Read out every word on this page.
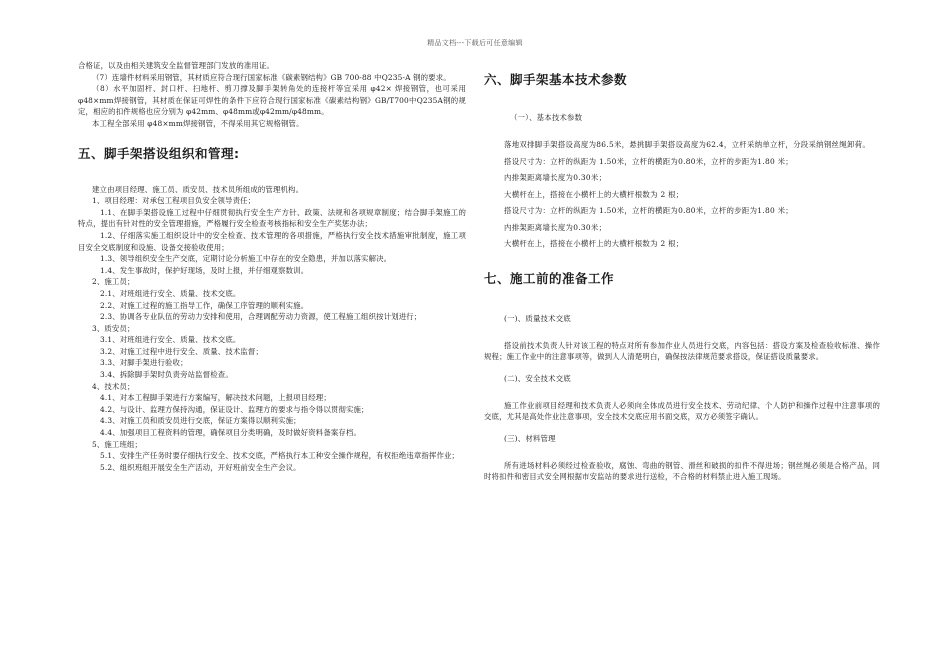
精品文档---下载后可任意编辑

合格证，以及由相关建筑安全监督管理部门发放的准用证。

（7）连墙件材料采用钢管，其材质应符合现行国家标准《碳素钢结构》GB 700-88 中Q235-A 钢的要求。

（8）水平加固杆、封口杆、扫地杆、剪刀撑及脚手架转角处的连接杆等宜采用 φ42× 焊接钢管，也可采用 φ48×mm焊接钢管，其材质在保证可焊性的条件下应符合现行国家标准《碳素结构钢》GB/T700中Q235A钢的规定，相应的扣件规格也应分别为 φ42mm、φ48mm或φ42mm/φ48mm。

本工程全部采用 φ48×mm焊接钢管，不得采用其它规格钢管。

五、脚手架搭设组织和管理:

建立由项目经理、施工员、质安员、技术员所组成的管理机构。

1、项目经理：对承包工程项目负安全领导责任；

1.1、在脚手架搭设施工过程中仔细贯彻执行安全生产方针、政策、法规和各项规章制度；结合脚手架施工的特点，提出有针对性的安全管理措施，严格履行安全检查考核指标和安全生产奖惩办法；

1.2、仔细落实施工组织设计中的安全检查、技术管理的各项措施，严格执行安全技术措施审批制度，施工项目安全交底制度和设施、设备交接验收使用；

1.3、领导组织安全生产交底，定期讨论分析施工中存在的安全隐患，并加以落实解决。

1.4、发生事故时，保护好现场，及时上报，并仔细观察数训。

2、施工员；

2.1、对班组进行安全、质量、技术交底。

2.2、对施工过程的施工指导工作，确保工序管理的顺利实施。

2.3、协调各专业队伍的劳动力安排和使用，合理调配劳动力资源，使工程施工组织按计划进行；

3、质安员；

3.1、对班组进行安全、质量、技术交底。

3.2、对施工过程中进行安全、质量、技术监督；

3.3、对脚手架进行验收；

3.4、拆除脚手架时负责旁站监督检查。

4、技术员；

4.1、对本工程脚手架进行方案编写，解决技术问题，上报项目经理；

4.2、与设计、监理方保持沟通，保证设计、监理方的要求与指令得以贯彻实施；

4.3、对施工员和质安员进行交底，保证方案得以顺利实施；

4.4、加强项目工程资料的管理，确保项目分类明确，及时做好资料备案存档。

5、施工班组；

5.1、安排生产任务时要仔细执行安全、技术交底，严格执行本工种安全操作规程，有权拒绝违章指挥作业；

5.2、组织班组开展安全生产活动，开好班前安全生产会议。

六、脚手架基本技术参数

（一）、基本技术参数

落地双排脚手架搭设高度为86.5米，悬挑脚手架搭设高度为62.4，立杆采纳单立杆，分段采纳钢丝绳卸荷。

搭设尺寸为：立杆的纵距为 1.50米，立杆的横距为0.80米，立杆的步距为1.80 米；

内排架距离墙长度为0.30米；

大横杆在上，搭接在小横杆上的大横杆根数为 2 根；

搭设尺寸为：立杆的纵距为 1.50米，立杆的横距为0.80米，立杆的步距为1.80 米；

内排架距离墙长度为0.30米；

大横杆在上，搭接在小横杆上的大横杆根数为 2 根；

七、施工前的准备工作

(一)、质量技术交底

搭设前技术负责人针对该工程的特点对所有参加作业人员进行交底，内容包括：搭设方案及检查验收标准、操作规程；施工作业中的注意事项等，做到人人清楚明白，确保按法律规范要求搭设，保证搭设质量要求。

(二)、安全技术交底

施工作业前项目经理和技术负责人必须向全体成员进行安全技术、劳动纪律、个人防护和操作过程中注意事项的交底，尤其是高处作业注意事项，安全技术交底应用书面交底，双方必须签字确认。

(三)、材料管理

所有进场材料必须经过检查验收，腐蚀、弯曲的钢管、滑丝和破损的扣件不得进场；钢丝绳必须是合格产品，同时将扣件和密目式安全网根据市安监站的要求进行送检，不合格的材料禁止进入施工现场。
